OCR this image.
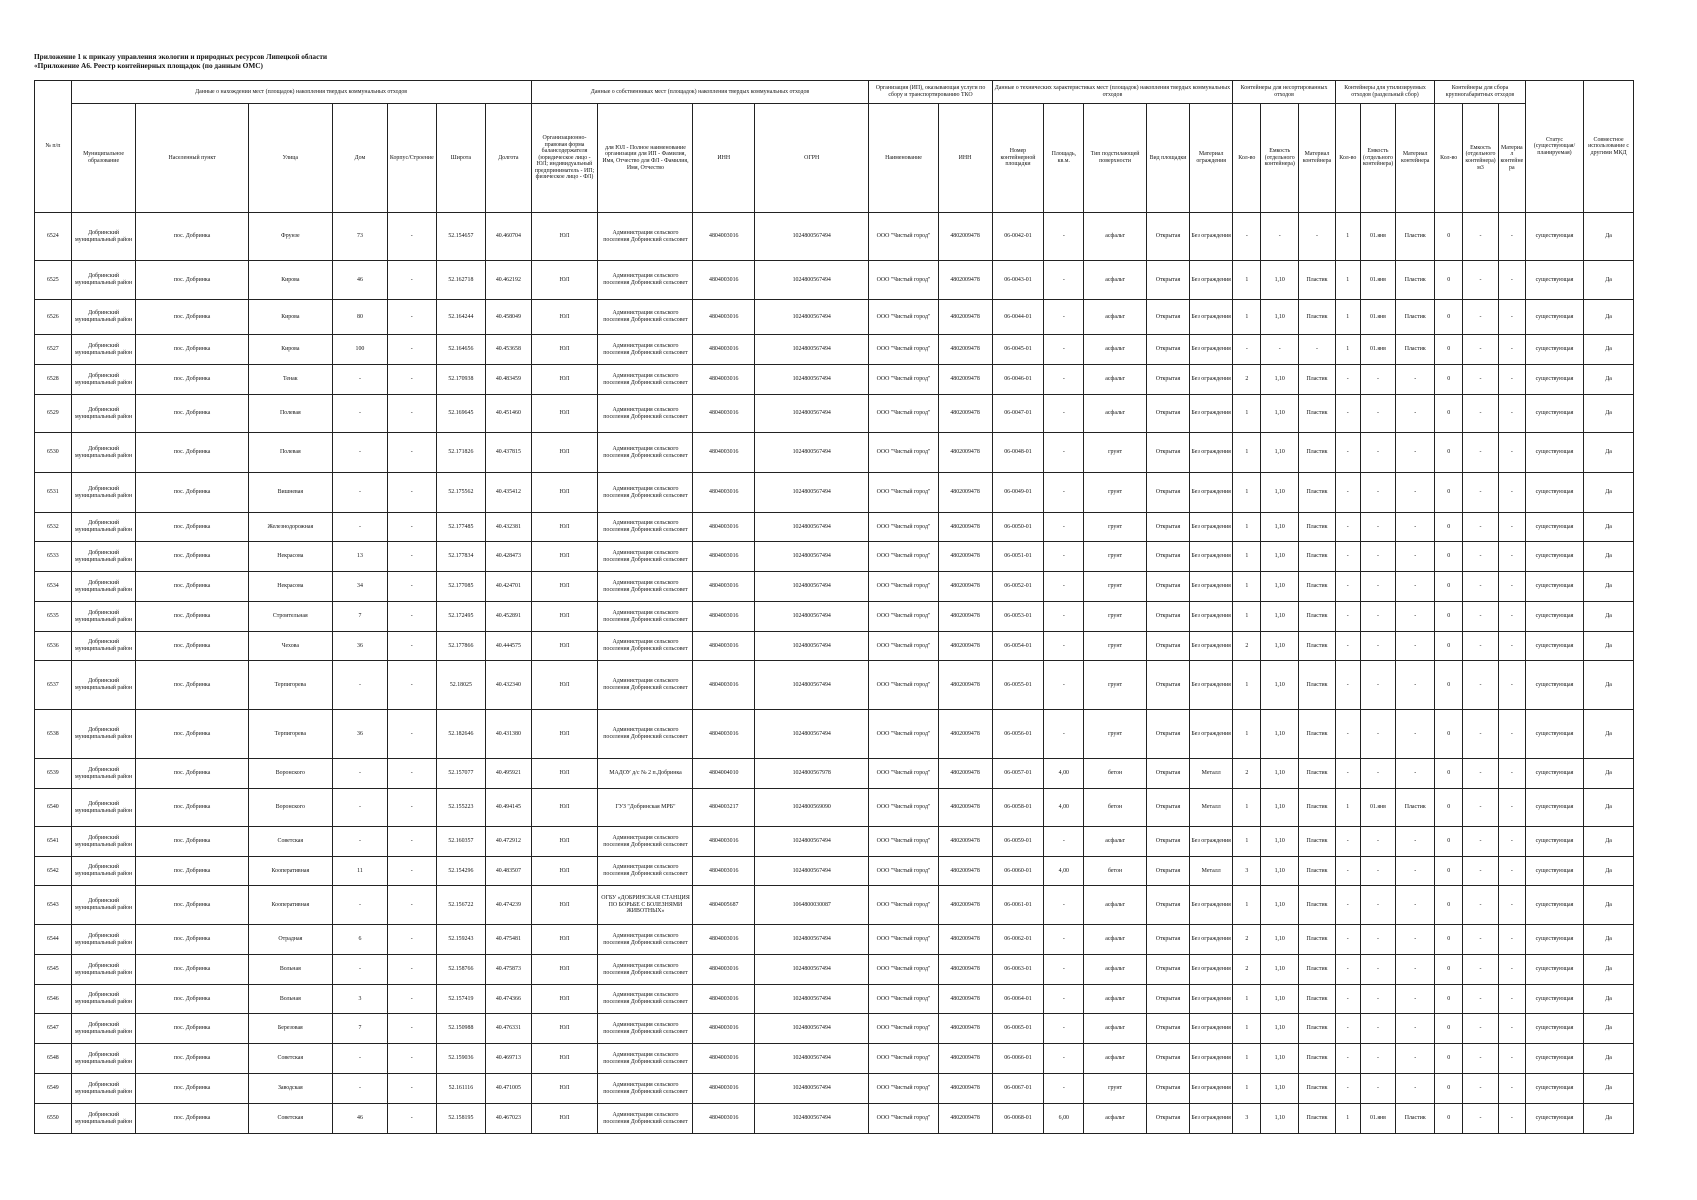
Приложение 1 к приказу управления экологии и природных ресурсов Липецкой области

«Приложение А6. Реестр контейнерных площадок (по данным ОМС)

№ п/п	Данные о нахождении мест (площадок) накопления твердых коммунальных отходов							Данные о собственниках мест (площадок) накопления твердых коммунальных отходов				Организация (ИП), оказывающая услуги по сбору и транспортированию ТКО		Данные о технических характеристиках мест (площадок) накопления твердых коммунальных отходов					Контейнеры для несортированных отходов			Контейнеры для утилизируемых отходов (раздельный сбор)			Контейнеры для сбора крупногабаритных отходов			Статус (существующая/ планируемая)	Совместное использование с другими МКД
	Муниципальное образование	Населенный пункт	Улица	Дом	Корпус/Строение	Широта	Долгота	Организационно-правовая форма балансодержателя (юридическое лицо - ЮЛ; индивидуальный предприниматель - ИП; физическое лицо - ФЛ)	для ЮЛ - Полное наименование организации для ИП - Фамилия, Имя, Отчество для ФЛ - Фамилия, Имя, Отчество	ИНН	ОГРН	Наименование	ИНН	Номер контейнерной площадки	Площадь, кв.м.	Тип подстилающей поверхности	Вид площадки	Материал ограждения	Кол-во	Емкость (отдельного контейнера)	Материал контейнера	Кол-во	Емкость (отдельного контейнера)	Материал контейнера	Кол-во	Емкость (отдельного контейнера) м3	Материал контейнера		
6524	Добринский муниципальный район	пос. Добринка	Фрунзе	73	-	52.154657	40.460704	ЮЛ	Администрация сельского поселения Добринский сельсовет	4804003016	1024800567494	ООО "Чистый город"	4802009478	06-0042-01	-	асфальт	Открытая	Без ограждения	-	-	-	1	01.янв	Пластик	0	-	-	существующая	Да
6525	Добринский муниципальный район	пос. Добринка	Кирова	46	-	52.162718	40.462192	ЮЛ	Администрация сельского поселения Добринский сельсовет	4804003016	1024800567494	ООО "Чистый город"	4802009478	06-0043-01	-	асфальт	Открытая	Без ограждения	1	1,10	Пластик	1	01.янв	Пластик	0	-	-	существующая	Да
6526	Добринский муниципальный район	пос. Добринка	Кирова	80	-	52.164244	40.458049	ЮЛ	Администрация сельского поселения Добринский сельсовет	4804003016	1024800567494	ООО "Чистый город"	4802009478	06-0044-01	-	асфальт	Открытая	Без ограждения	1	1,10	Пластик	1	01.янв	Пластик	0	-	-	существующая	Да
6527	Добринский муниципальный район	пос. Добринка	Кирова	100	-	52.164656	40.453658	ЮЛ	Администрация сельского поселения Добринский сельсовет	4804003016	1024800567494	ООО "Чистый город"	4802009478	06-0045-01	-	асфальт	Открытая	Без ограждения	-	-	-	1	01.янв	Пластик	0	-	-	существующая	Да
6528	Добринский муниципальный район	пос. Добринка	Тенак	-	-	52.170938	40.483459	ЮЛ	Администрация сельского поселения Добринский сельсовет	4804003016	1024800567494	ООО "Чистый город"	4802009478	06-0046-01	-	асфальт	Открытая	Без ограждения	2	1,10	Пластик	-	-	-	0	-	-	существующая	Да
6529	Добринский муниципальный район	пос. Добринка	Полевая	-	-	52.169645	40.451460	ЮЛ	Администрация сельского поселения Добринский сельсовет	4804003016	1024800567494	ООО "Чистый город"	4802009478	06-0047-01	-	асфальт	Открытая	Без ограждения	1	1,10	Пластик	-	-	-	0	-	-	существующая	Да
6530	Добринский муниципальный район	пос. Добринка	Полевая	-	-	52.171826	40.437815	ЮЛ	Администрация сельского поселения Добринский сельсовет	4804003016	1024800567494	ООО "Чистый город"	4802009478	06-0048-01	-	грунт	Открытая	Без ограждения	1	1,10	Пластик	-	-	-	0	-	-	существующая	Да
6531	Добринский муниципальный район	пос. Добринка	Вишневая	-	-	52.175562	40.435412	ЮЛ	Администрация сельского поселения Добринский сельсовет	4804003016	1024800567494	ООО "Чистый город"	4802009478	06-0049-01	-	грунт	Открытая	Без ограждения	1	1,10	Пластик	-	-	-	0	-	-	существующая	Да
6532	Добринский муниципальный район	пос. Добринка	Железнодорожная	-	-	52.177485	40.432381	ЮЛ	Администрация сельского поселения Добринский сельсовет	4804003016	1024800567494	ООО "Чистый город"	4802009478	06-0050-01	-	грунт	Открытая	Без ограждения	1	1,10	Пластик	-	-	-	0	-	-	существующая	Да
6533	Добринский муниципальный район	пос. Добринка	Некрасова	13	-	52.177834	40.428473	ЮЛ	Администрация сельского поселения Добринский сельсовет	4804003016	1024800567494	ООО "Чистый город"	4802009478	06-0051-01	-	грунт	Открытая	Без ограждения	1	1,10	Пластик	-	-	-	0	-	-	существующая	Да
6534	Добринский муниципальный район	пос. Добринка	Некрасова	34	-	52.177085	40.424701	ЮЛ	Администрация сельского поселения Добринский сельсовет	4804003016	1024800567494	ООО "Чистый город"	4802009478	06-0052-01	-	грунт	Открытая	Без ограждения	1	1,10	Пластик	-	-	-	0	-	-	существующая	Да
6535	Добринский муниципальный район	пос. Добринка	Строительная	7	-	52.172495	40.452891	ЮЛ	Администрация сельского поселения Добринский сельсовет	4804003016	1024800567494	ООО "Чистый город"	4802009478	06-0053-01	-	грунт	Открытая	Без ограждения	1	1,10	Пластик	-	-	-	0	-	-	существующая	Да
6536	Добринский муниципальный район	пос. Добринка	Чехова	36	-	52.177866	40.444575	ЮЛ	Администрация сельского поселения Добринский сельсовет	4804003016	1024800567494	ООО "Чистый город"	4802009478	06-0054-01	-	грунт	Открытая	Без ограждения	2	1,10	Пластик	-	-	-	0	-	-	существующая	Да
6537	Добринский муниципальный район	пос. Добринка	Терпигорева	-	-	52.18025	40.432340	ЮЛ	Администрация сельского поселения Добринский сельсовет	4804003016	1024800567494	ООО "Чистый город"	4802009478	06-0055-01	-	грунт	Открытая	Без ограждения	1	1,10	Пластик	-	-	-	0	-	-	существующая	Да
6538	Добринский муниципальный район	пос. Добринка	Терпигорева	36	-	52.182646	40.431380	ЮЛ	Администрация сельского поселения Добринский сельсовет	4804003016	1024800567494	ООО "Чистый город"	4802009478	06-0056-01	-	грунт	Открытая	Без ограждения	1	1,10	Пластик	-	-	-	0	-	-	существующая	Да
6539	Добринский муниципальный район	пос. Добринка	Воронского	-	-	52.157077	40.495921	ЮЛ	МАДОУ д/с № 2 п.Добринка	4804004010	1024800567978	ООО "Чистый город"	4802009478	06-0057-01	4,00	бетон	Открытая	Металл	2	1,10	Пластик	-	-	-	0	-	-	существующая	Да
6540	Добринский муниципальный район	пос. Добринка	Воронского	-	-	52.155223	40.494145	ЮЛ	ГУЗ "Добринская МРБ"	4804003217	1024800569090	ООО "Чистый город"	4802009478	06-0058-01	4,00	бетон	Открытая	Металл	1	1,10	Пластик	1	01.янв	Пластик	0	-	-	существующая	Да
6541	Добринский муниципальный район	пос. Добринка	Советская	-	-	52.160357	40.472912	ЮЛ	Администрация сельского поселения Добринский сельсовет	4804003016	1024800567494	ООО "Чистый город"	4802009478	06-0059-01	-	асфальт	Открытая	Без ограждения	1	1,10	Пластик	-	-	-	0	-	-	существующая	Да
6542	Добринский муниципальный район	пос. Добринка	Кооперативная	11	-	52.154296	40.483507	ЮЛ	Администрация сельского поселения Добринский сельсовет	4804003016	1024800567494	ООО "Чистый город"	4802009478	06-0060-01	4,00	бетон	Открытая	Металл	3	1,10	Пластик	-	-	-	0	-	-	существующая	Да
6543	Добринский муниципальный район	пос. Добринка	Кооперативная	-	-	52.156722	40.474239	ЮЛ	ОГБУ «ДОБРИНСКАЯ СТАНЦИЯ ПО БОРЬБЕ С БОЛЕЗНЯМИ ЖИВОТНЫХ»	4804005687	1064800030087	ООО "Чистый город"	4802009478	06-0061-01	-	асфальт	Открытая	Без ограждения	1	1,10	Пластик	-	-	-	0	-	-	существующая	Да
6544	Добринский муниципальный район	пос. Добринка	Отрадная	6	-	52.159243	40.475481	ЮЛ	Администрация сельского поселения Добринский сельсовет	4804003016	1024800567494	ООО "Чистый город"	4802009478	06-0062-01	-	асфальт	Открытая	Без ограждения	2	1,10	Пластик	-	-	-	0	-	-	существующая	Да
6545	Добринский муниципальный район	пос. Добринка	Вольная	-	-	52.158766	40.475873	ЮЛ	Администрация сельского поселения Добринский сельсовет	4804003016	1024800567494	ООО "Чистый город"	4802009478	06-0063-01	-	асфальт	Открытая	Без ограждения	2	1,10	Пластик	-	-	-	0	-	-	существующая	Да
6546	Добринский муниципальный район	пос. Добринка	Вольная	3	-	52.157419	40.474366	ЮЛ	Администрация сельского поселения Добринский сельсовет	4804003016	1024800567494	ООО "Чистый город"	4802009478	06-0064-01	-	асфальт	Открытая	Без ограждения	1	1,10	Пластик	-	-	-	0	-	-	существующая	Да
6547	Добринский муниципальный район	пос. Добринка	Березовая	7	-	52.150988	40.476331	ЮЛ	Администрация сельского поселения Добринский сельсовет	4804003016	1024800567494	ООО "Чистый город"	4802009478	06-0065-01	-	асфальт	Открытая	Без ограждения	1	1,10	Пластик	-	-	-	0	-	-	существующая	Да
6548	Добринский муниципальный район	пос. Добринка	Советская	-	-	52.159036	40.469713	ЮЛ	Администрация сельского поселения Добринский сельсовет	4804003016	1024800567494	ООО "Чистый город"	4802009478	06-0066-01	-	асфальт	Открытая	Без ограждения	1	1,10	Пластик	-	-	-	0	-	-	существующая	Да
6549	Добринский муниципальный район	пос. Добринка	Заводская	-	-	52.161116	40.471005	ЮЛ	Администрация сельского поселения Добринский сельсовет	4804003016	1024800567494	ООО "Чистый город"	4802009478	06-0067-01	-	грунт	Открытая	Без ограждения	1	1,10	Пластик	-	-	-	0	-	-	существующая	Да
6550	Добринский муниципальный район	пос. Добринка	Советская	46	-	52.158195	40.467023	ЮЛ	Администрация сельского поселения Добринский сельсовет	4804003016	1024800567494	ООО "Чистый город"	4802009478	06-0068-01	6,00	асфальт	Открытая	Без ограждения	3	1,10	Пластик	1	01.янв	Пластик	0	-	-	существующая	Да
